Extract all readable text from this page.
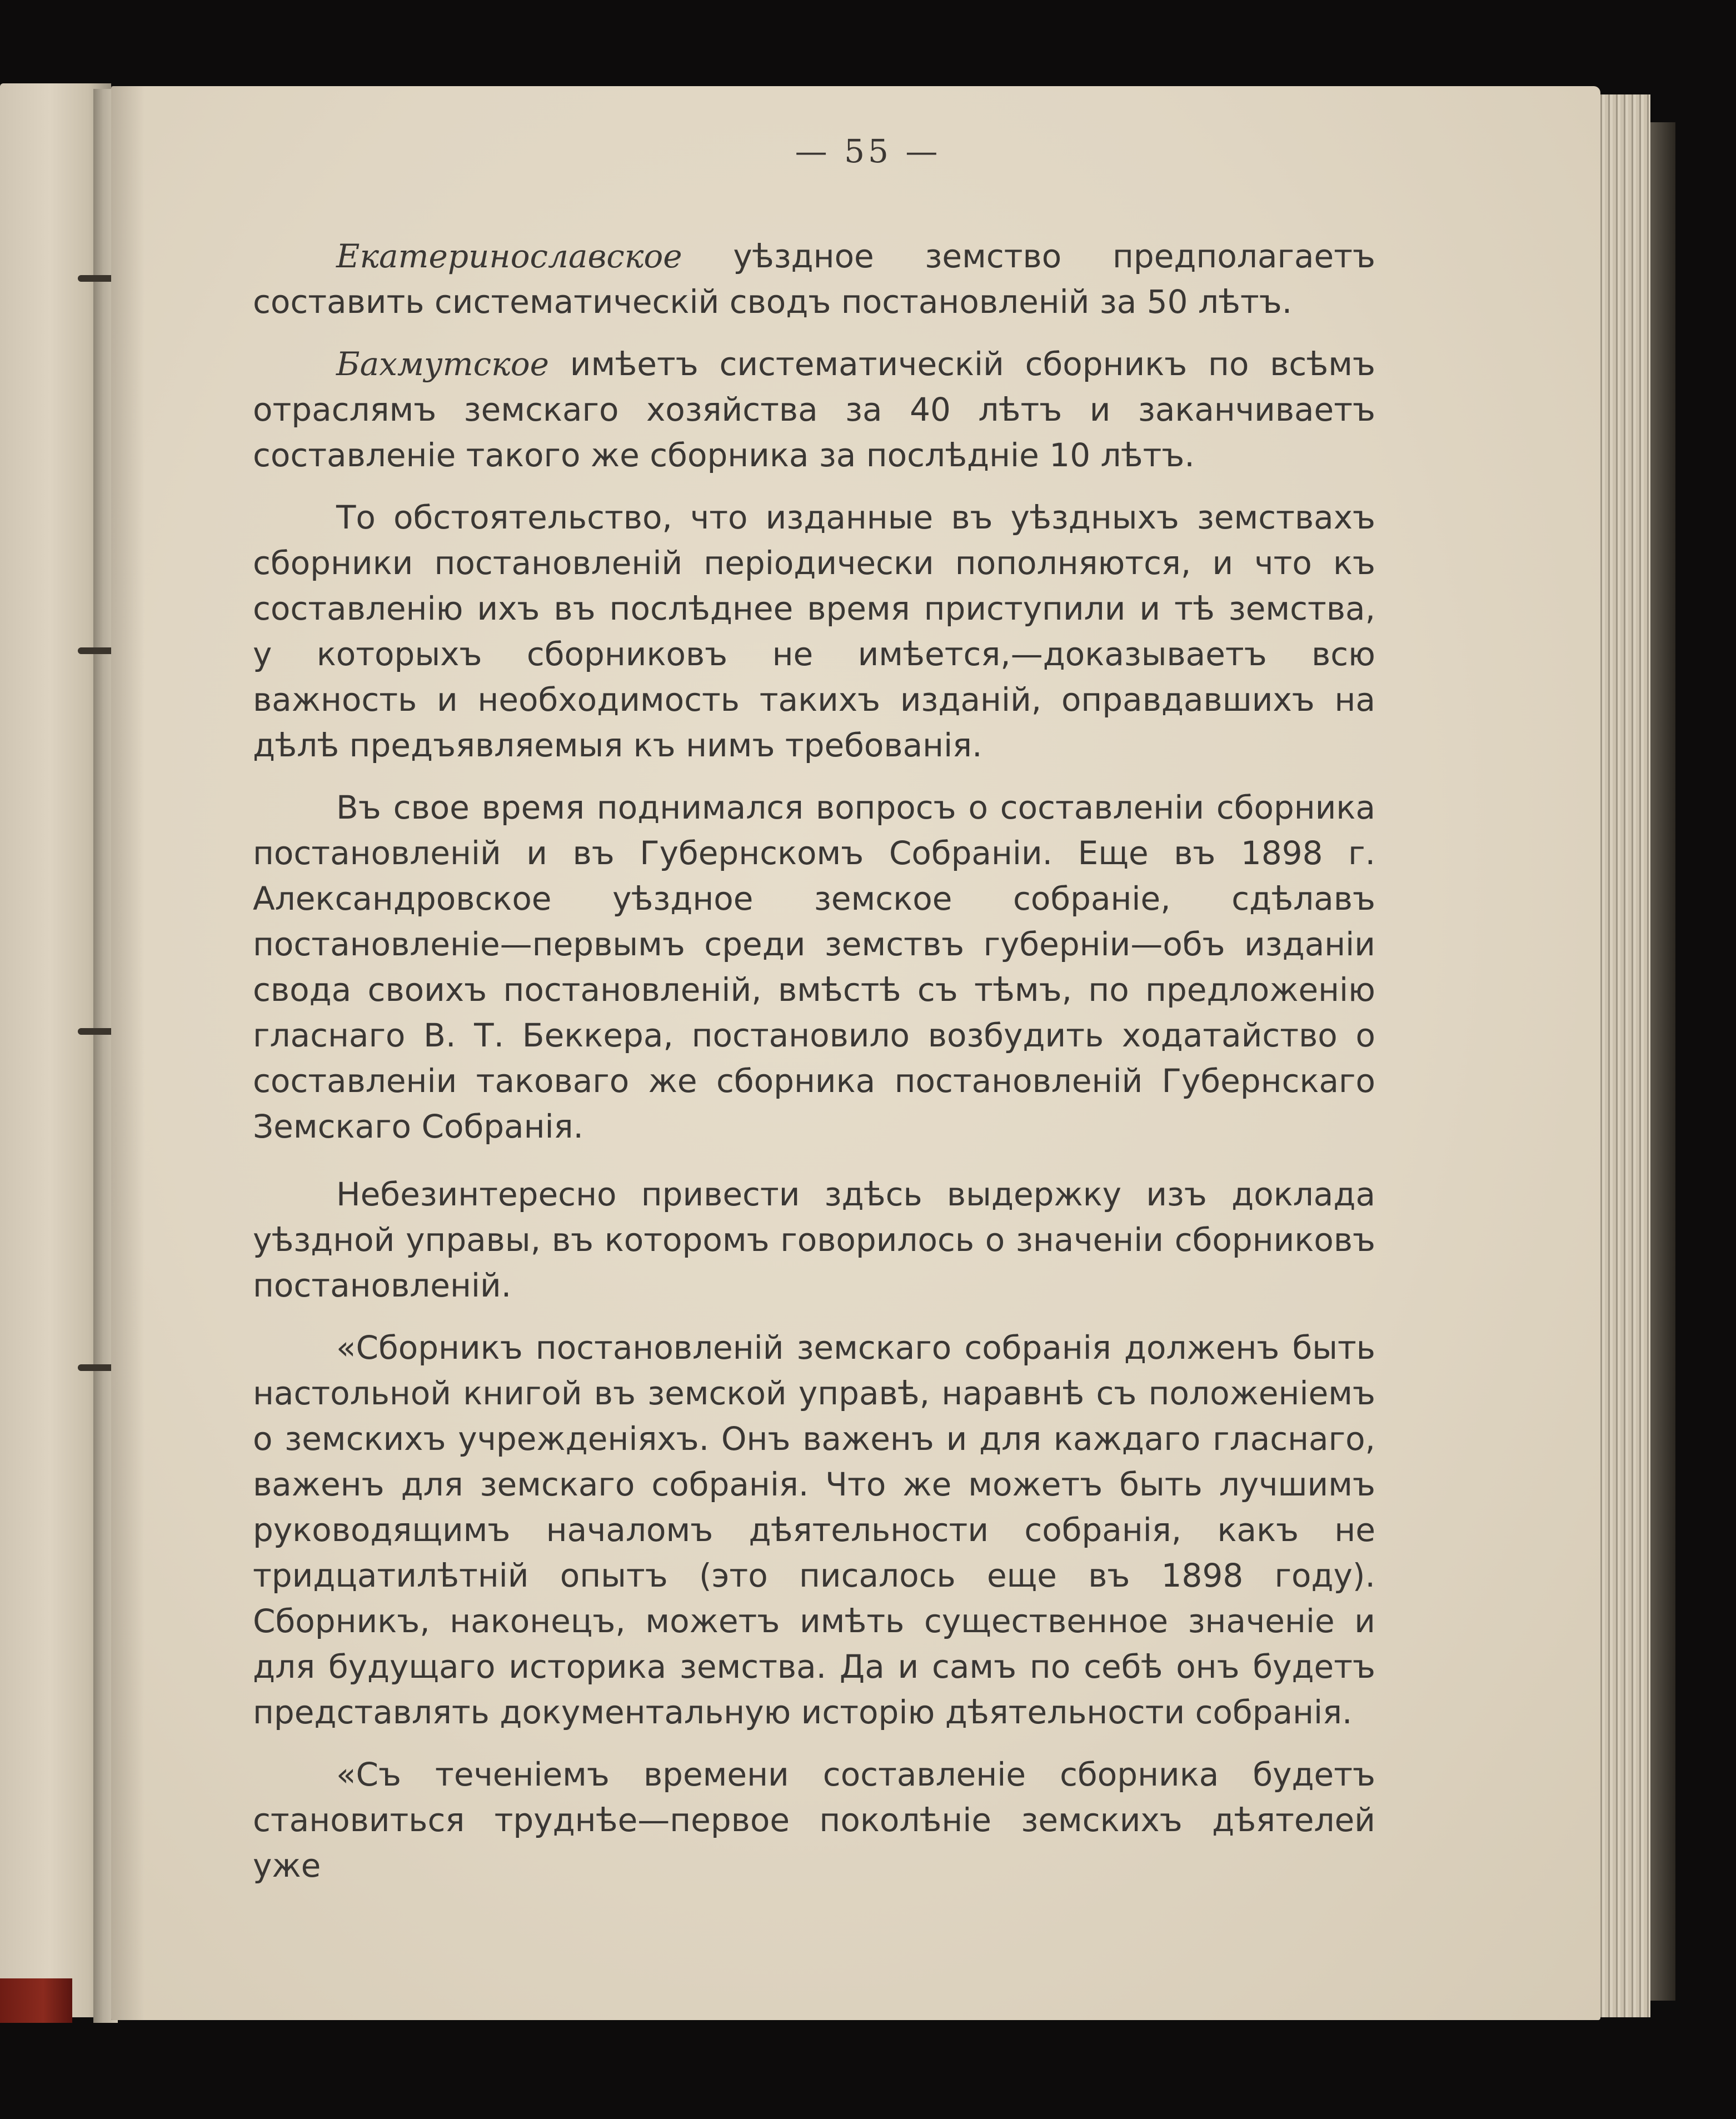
— 55 —

Екатеринославское уѣздное земство предполагаетъ составить систематическій сводъ постановленій за 50 лѣтъ.

Бахмутское имѣетъ систематическій сборникъ по всѣмъ отраслямъ земскаго хозяйства за 40 лѣтъ и заканчиваетъ составленіе такого же сборника за послѣдніе 10 лѣтъ.

То обстоятельство, что изданные въ уѣздныхъ земствахъ сборники постановленій періодически пополняются, и что къ составленію ихъ въ послѣднее время приступили и тѣ земства, у которыхъ сборниковъ не имѣется,—доказываетъ всю важность и необходимость такихъ изданій, оправдавшихъ на дѣлѣ предъявляемыя къ нимъ требованія.

Въ свое время поднимался вопросъ о составленіи сборника постановленій и въ Губернскомъ Собраніи. Еще въ 1898 г. Александровское уѣздное земское собраніе, сдѣлавъ постановленіе—первымъ среди земствъ губерніи—объ изданіи свода своихъ постановленій, вмѣстѣ съ тѣмъ, по предложенію гласнаго В. Т. Беккера, постановило возбудить ходатайство о составленіи таковаго же сборника постановленій Губернскаго Земскаго Собранія.

Небезинтересно привести здѣсь выдержку изъ доклада уѣздной управы, въ которомъ говорилось о значеніи сборниковъ постановленій.

«Сборникъ постановленій земскаго собранія долженъ быть настольной книгой въ земской управѣ, наравнѣ съ положеніемъ о земскихъ учрежденіяхъ. Онъ важенъ и для каждаго гласнаго, важенъ для земскаго собранія. Что же можетъ быть лучшимъ руководящимъ началомъ дѣятельности собранія, какъ не тридцатилѣтній опытъ (это писалось еще въ 1898 году). Сборникъ, наконецъ, можетъ имѣть существенное значеніе и для будущаго историка земства. Да и самъ по себѣ онъ будетъ представлять документальную исторію дѣятельности собранія.

«Съ теченіемъ времени составленіе сборника будетъ становиться труднѣе—первое поколѣніе земскихъ дѣятелей уже
